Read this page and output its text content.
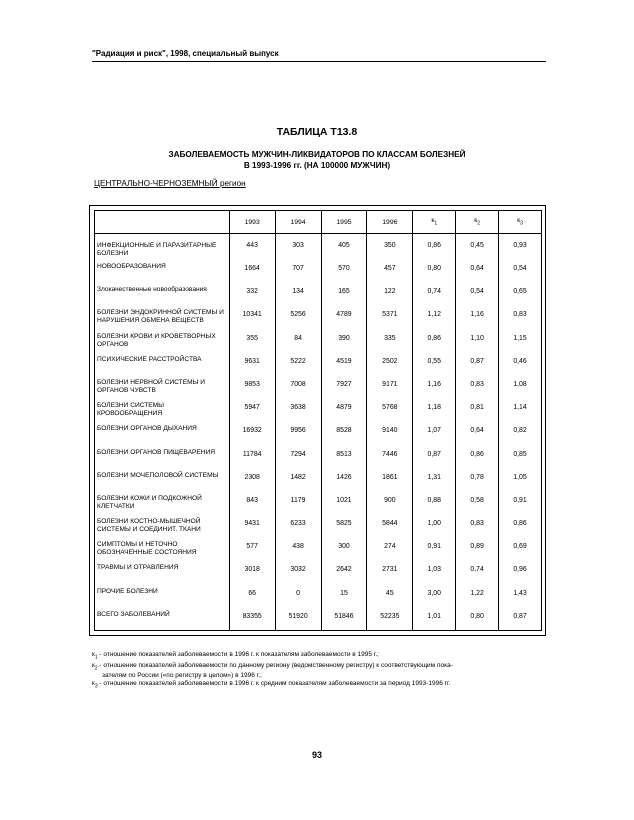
"Радиация и риск", 1998, специальный выпуск
ТАБЛИЦА T13.8
ЗАБОЛЕВАЕМОСТЬ МУЖЧИН-ЛИКВИДАТОРОВ ПО КЛАССАМ БОЛЕЗНЕЙ
В 1993-1996 гг. (НА 100000 МУЖЧИН)
ЦЕНТРАЛЬНО-ЧЕРНОЗЕМНЫЙ регион
	1993	1994	1995	1996	$к_1$	$к_2$	$к_3$
ИНФЕКЦИОННЫЕ И ПАРАЗИТАРНЫЕ БОЛЕЗНИ	443	303	405	350	0,86	0,45	0,93
НОВООБРАЗОВАНИЯ	1664	707	570	457	0,80	0,64	0,54
Злокачественные новообразования	332	134	165	122	0,74	0,54	0,65
БОЛЕЗНИ ЭНДОКРИННОЙ СИСТЕМЫ И НАРУШЕНИЯ ОБМЕНА ВЕЩЕСТВ	10341	5256	4789	5371	1,12	1,16	0,83
БОЛЕЗНИ КРОВИ И КРОВЕТВОРНЫХ ОРГАНОВ	355	84	390	335	0,86	1,10	1,15
ПСИХИЧЕСКИЕ РАССТРОЙСТВА	9631	5222	4519	2502	0,55	0,87	0,46
БОЛЕЗНИ НЕРВНОЙ СИСТЕМЫ И ОРГАНОВ ЧУВСТВ	9853	7008	7927	9171	1,16	0,83	1,08
БОЛЕЗНИ СИСТЕМЫ КРОВООБРАЩЕНИЯ	5947	3638	4879	5768	1,18	0,81	1,14
БОЛЕЗНИ ОРГАНОВ ДЫХАНИЯ	16932	9956	8528	9140	1,07	0,64	0,82
БОЛЕЗНИ ОРГАНОВ ПИЩЕВАРЕНИЯ	11784	7294	8513	7446	0,87	0,86	0,85
БОЛЕЗНИ МОЧЕПОЛОВОЙ СИСТЕМЫ	2308	1482	1426	1861	1,31	0,78	1,05
БОЛЕЗНИ КОЖИ И ПОДКОЖНОЙ КЛЕТЧАТКИ	843	1179	1021	900	0,88	0,58	0,91
БОЛЕЗНИ КОСТНО-МЫШЕЧНОЙ СИСТЕМЫ И СОЕДИНИТ. ТКАНИ	9431	6233	5825	5844	1,00	0,83	0,86
СИМПТОМЫ И НЕТОЧНО ОБОЗНАЧЕННЫЕ СОСТОЯНИЯ	577	438	300	274	0,91	0,89	0,69
ТРАВМЫ И ОТРАВЛЕНИЯ	3018	3032	2642	2731	1,03	0,74	0,96
ПРОЧИЕ БОЛЕЗНИ	66	0	15	45	3,00	1,22	1,43
ВСЕГО ЗАБОЛЕВАНИЙ	83355	51920	51846	52235	1,01	0,80	0,87

$к_1$ - отношение показателей заболеваемости в 1996 г. к показателям заболеваемости в 1995 г.;

$к_2$ - отношение показателей заболеваемости по данному региону (ведомственному регистру) к соответствующим пока-

зателям по России («по регистру в целом») в 1996 г.;

$к_3$ - отношение показателей заболеваемости в 1996 г. к средним показателям заболеваемости за период 1993-1996 гг.

93
